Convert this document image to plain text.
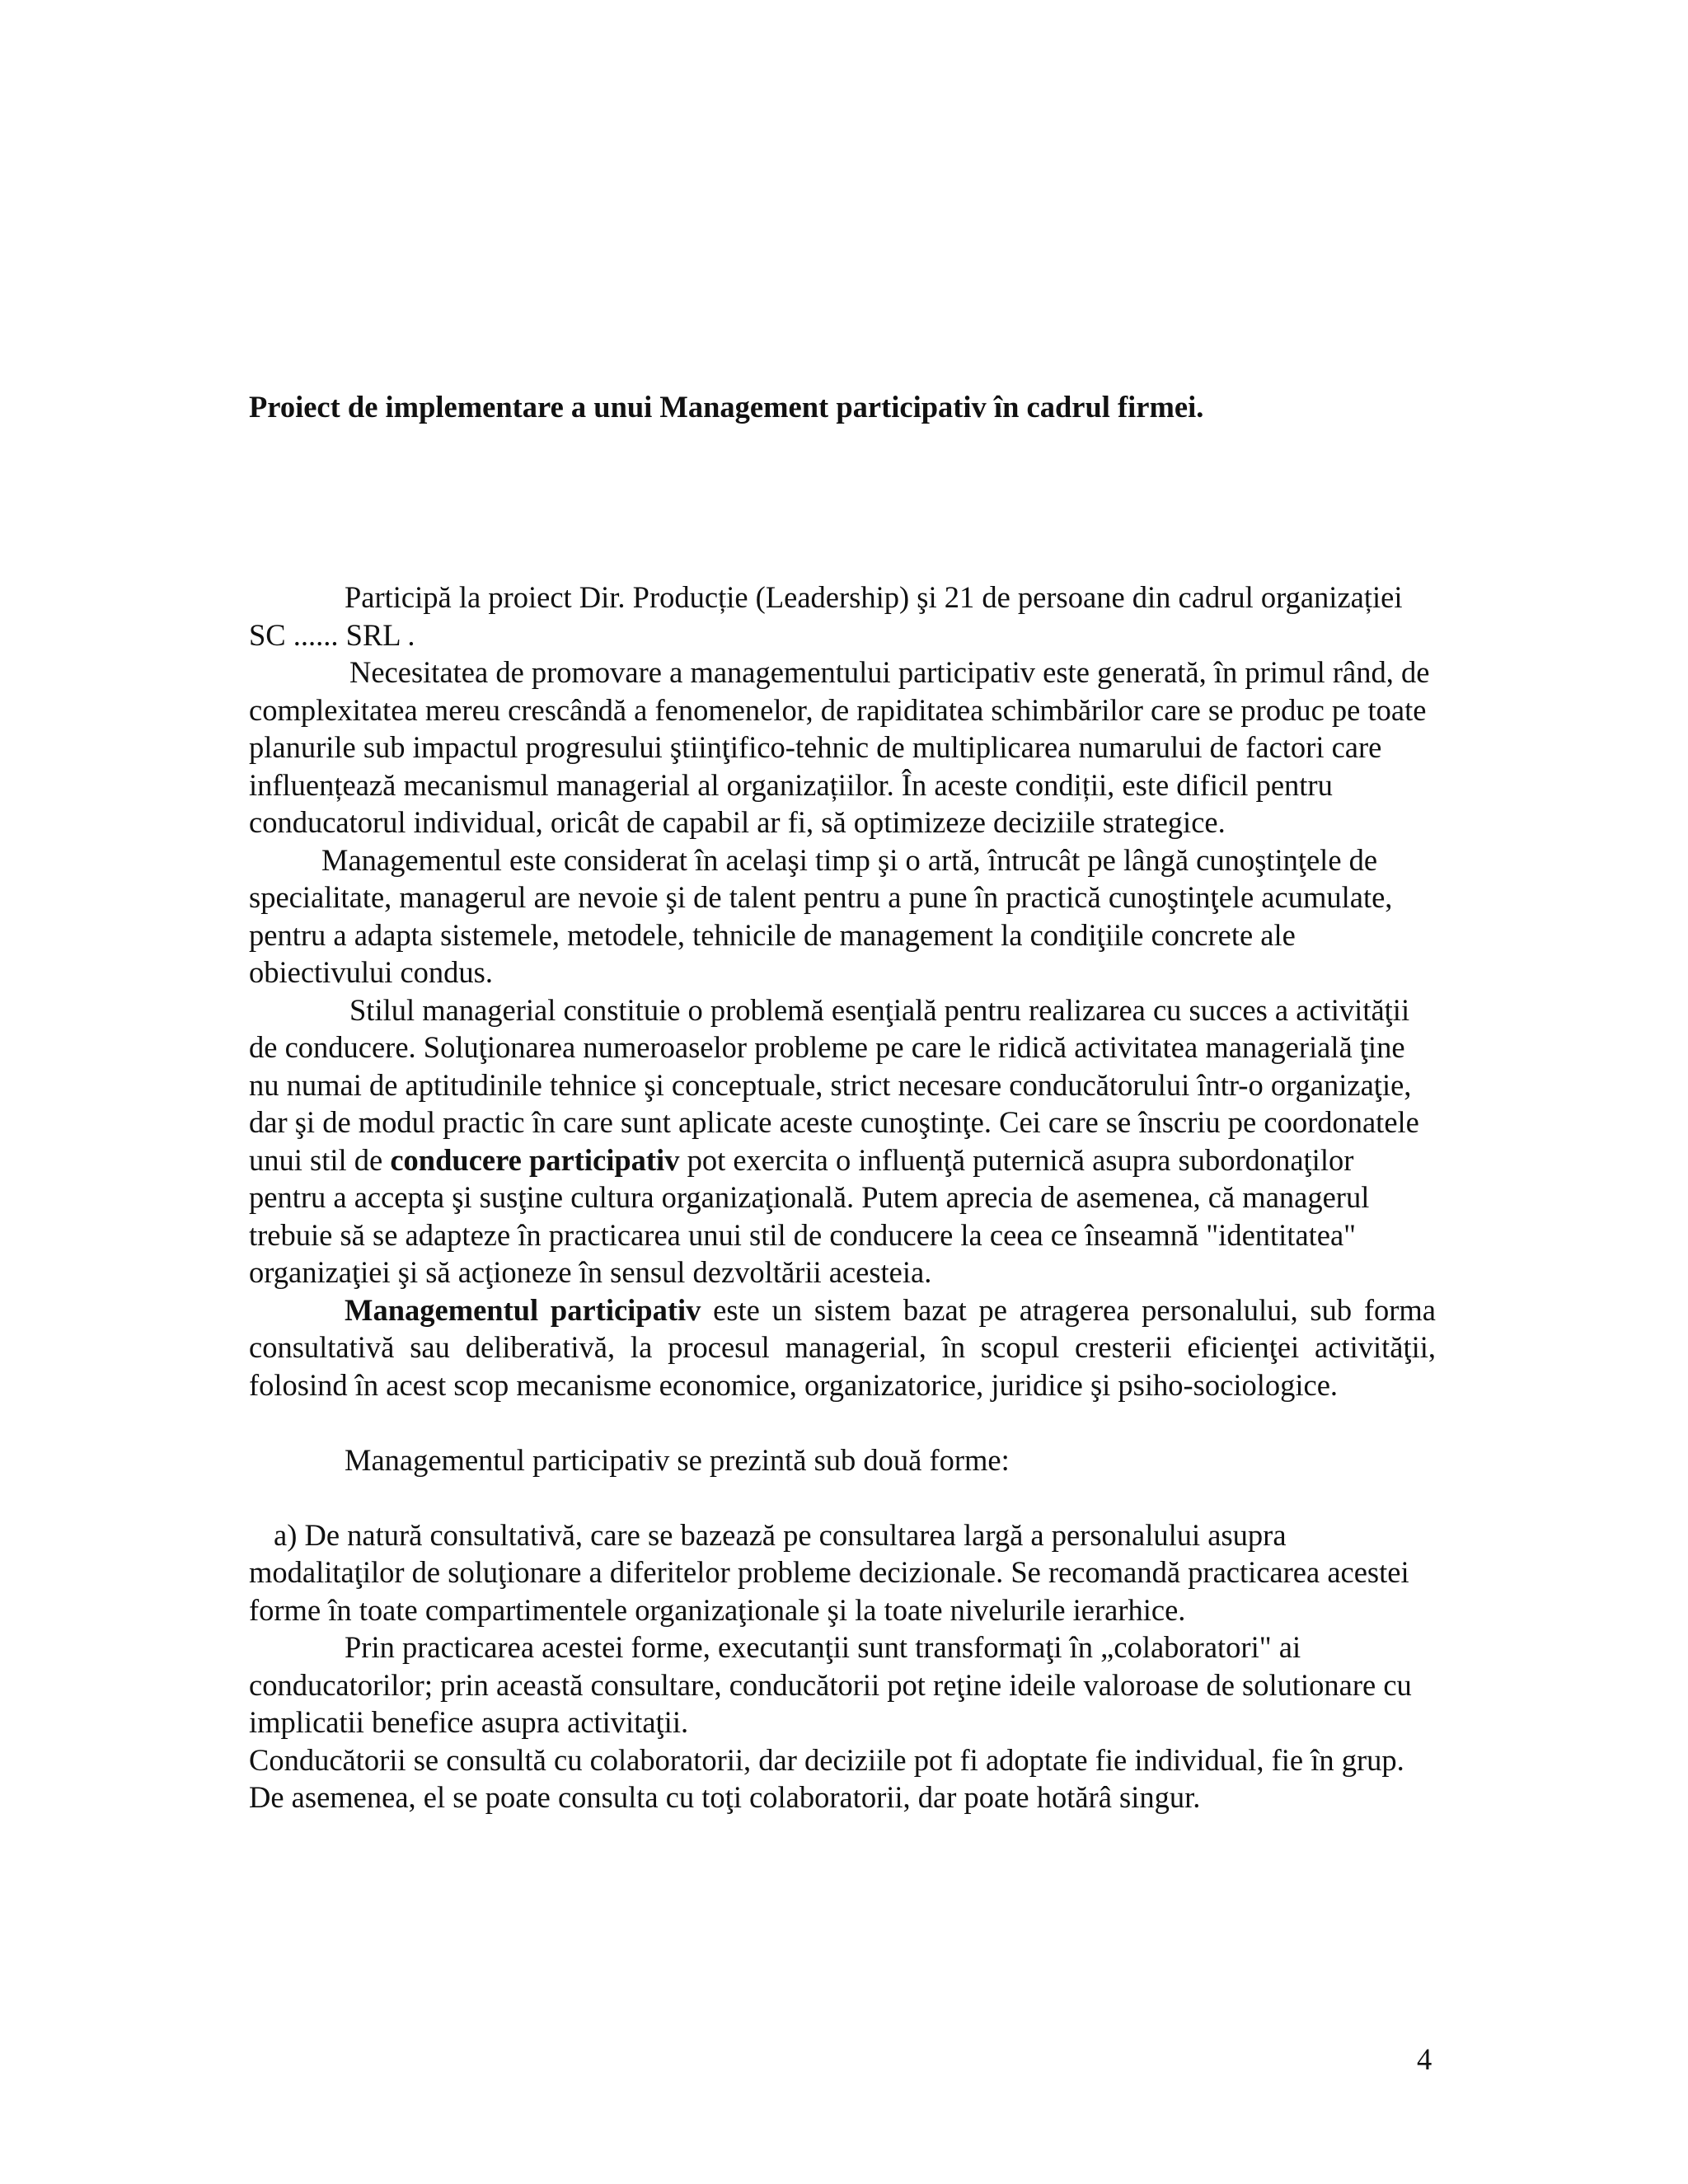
Proiect de implementare a unui Management participativ în cadrul firmei.

Participă la proiect Dir. Producție (Leadership) şi 21 de persoane din cadrul organizației SC ...... SRL .

Necesitatea de promovare a managementului participativ este generată, în primul rând, de complexitatea mereu crescândă a fenomenelor, de rapiditatea schimbărilor care se produc pe toate planurile sub impactul progresului ştiinţifico-tehnic de multiplicarea numarului de factori care influențează mecanismul managerial al organizațiilor. În aceste condiții, este dificil pentru conducatorul individual, oricât de capabil ar fi, să optimizeze deciziile strategice.

Managementul este considerat în acelaşi timp şi o artă, întrucât pe lângă cunoştinţele de specialitate, managerul are nevoie şi de talent pentru a pune în practică cunoştinţele acumulate, pentru a adapta sistemele, metodele, tehnicile de management la condiţiile concrete ale obiectivului condus.

Stilul managerial constituie o problemă esenţială pentru realizarea cu succes a activităţii de conducere. Soluţionarea numeroaselor probleme pe care le ridică activitatea managerială ţine nu numai de aptitudinile tehnice şi conceptuale, strict necesare conducătorului într-o organizaţie, dar şi de modul practic în care sunt aplicate aceste cunoştinţe. Cei care se înscriu pe coordonatele unui stil de conducere participativ pot exercita o influenţă puternică asupra subordonaţilor pentru a accepta şi susţine cultura organizaţională. Putem aprecia de asemenea, că managerul trebuie să se adapteze în practicarea unui stil de conducere la ceea ce înseamnă "identitatea" organizaţiei şi să acţioneze în sensul dezvoltării acesteia.

Managementul participativ este un sistem bazat pe atragerea personalului, sub forma consultativă sau deliberativă, la procesul managerial, în scopul cresterii eficienţei activităţii, folosind în acest scop mecanisme economice, organizatorice, juridice şi psiho-sociologice.

Managementul participativ se prezintă sub două forme:

a) De natură consultativă, care se bazează pe consultarea largă a personalului asupra modalitaţilor de soluţionare a diferitelor probleme decizionale. Se recomandă practicarea acestei forme în toate compartimentele organizaţionale şi la toate nivelurile ierarhice.

Prin practicarea acestei forme, executanţii sunt transformaţi în „colaboratori" ai conducatorilor; prin această consultare, conducătorii pot reţine ideile valoroase de solutionare cu implicatii benefice asupra activitaţii.

Conducătorii se consultă cu colaboratorii, dar deciziile pot fi adoptate fie individual, fie în grup. De asemenea, el se poate consulta cu toţi colaboratorii, dar poate hotărâ singur.

4
